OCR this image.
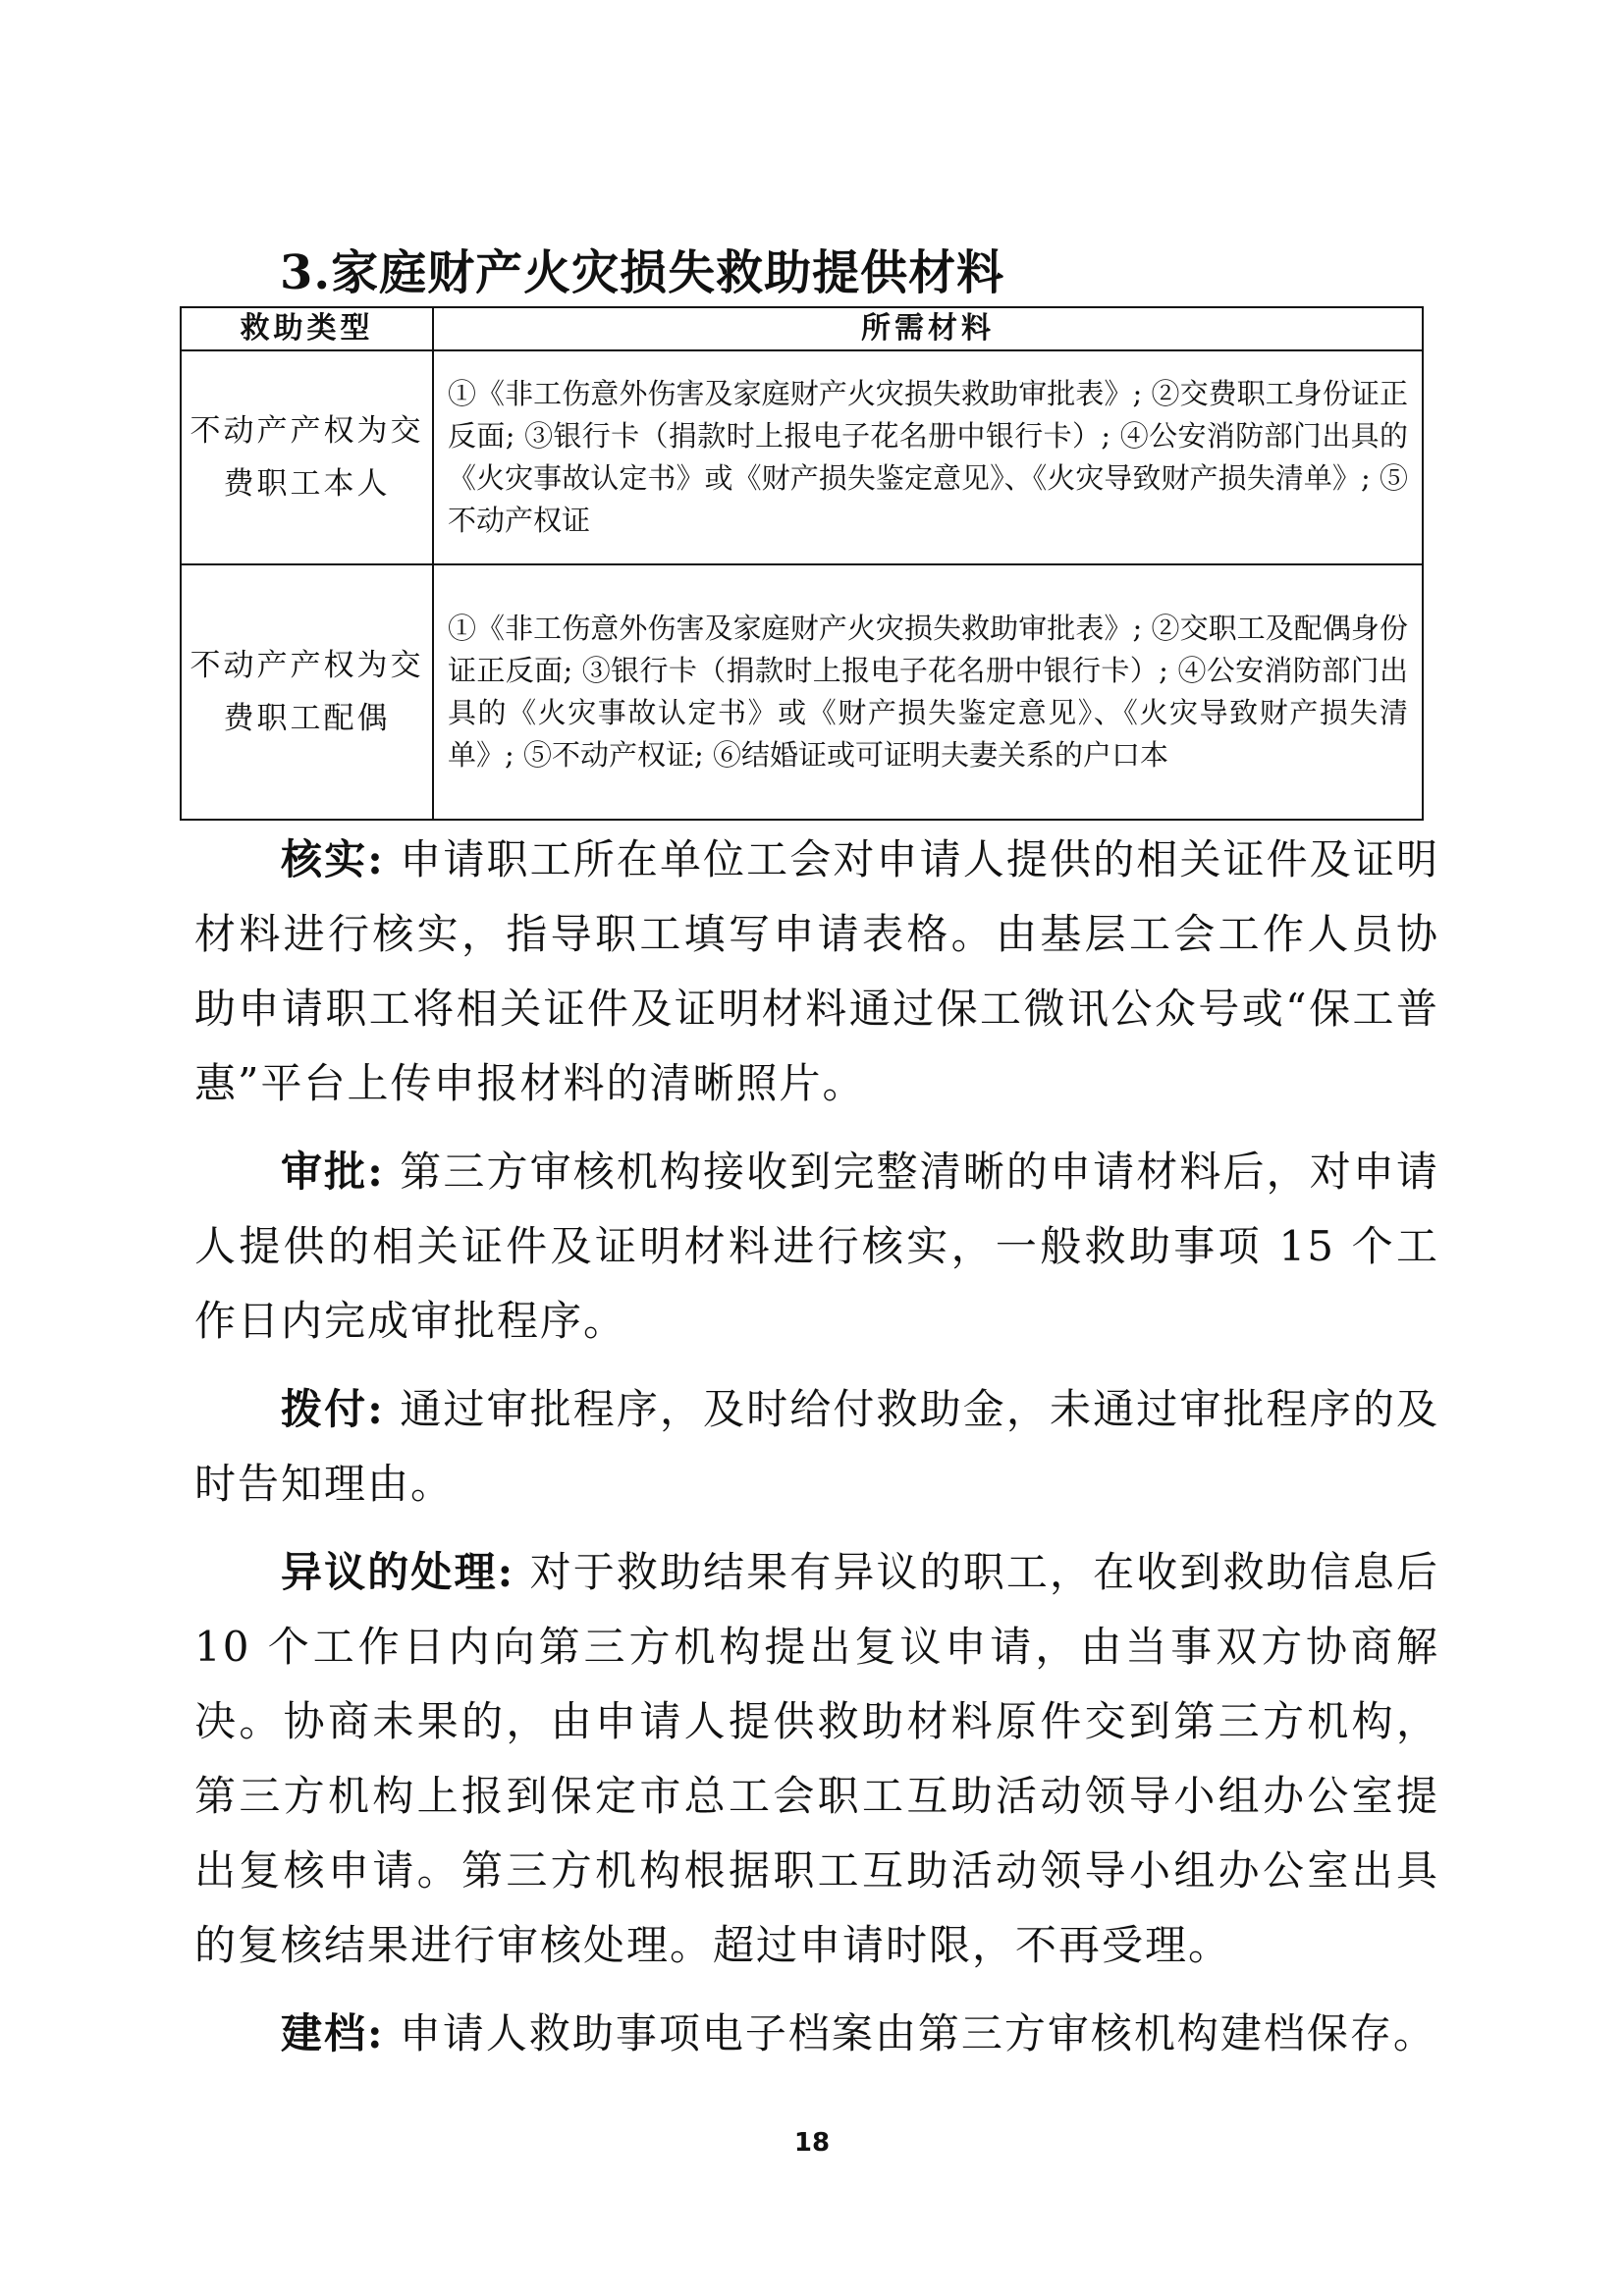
3.家庭财产火灾损失救助提供材料
救助类型	所需材料
不动产产权为交费职工本人	①《非工伤意外伤害及家庭财产火灾损失救助审批表》; ②交费职工身份证正反面; ③银行卡（捐款时上报电子花名册中银行卡）; ④公安消防部门出具的《火灾事故认定书》或《财产损失鉴定意见》、《火灾导致财产损失清单》; ⑤不动产权证
不动产产权为交费职工配偶	①《非工伤意外伤害及家庭财产火灾损失救助审批表》; ②交职工及配偶身份证正反面; ③银行卡（捐款时上报电子花名册中银行卡）; ④公安消防部门出具的《火灾事故认定书》或《财产损失鉴定意见》、《火灾导致财产损失清单》; ⑤不动产权证; ⑥结婚证或可证明夫妻关系的户口本

核实: 申请职工所在单位工会对申请人提供的相关证件及证明材料进行核实，指导职工填写申请表格。由基层工会工作人员协助申请职工将相关证件及证明材料通过保工微讯公众号或“保工普惠”平台上传申报材料的清晰照片。

审批: 第三方审核机构接收到完整清晰的申请材料后，对申请人提供的相关证件及证明材料进行核实，一般救助事项 15 个工作日内完成审批程序。

拨付: 通过审批程序，及时给付救助金，未通过审批程序的及时告知理由。

异议的处理: 对于救助结果有异议的职工，在收到救助信息后 10 个工作日内向第三方机构提出复议申请，由当事双方协商解决。协商未果的，由申请人提供救助材料原件交到第三方机构，第三方机构上报到保定市总工会职工互助活动领导小组办公室提出复核申请。第三方机构根据职工互助活动领导小组办公室出具的复核结果进行审核处理。超过申请时限，不再受理。

建档: 申请人救助事项电子档案由第三方审核机构建档保存。

18
